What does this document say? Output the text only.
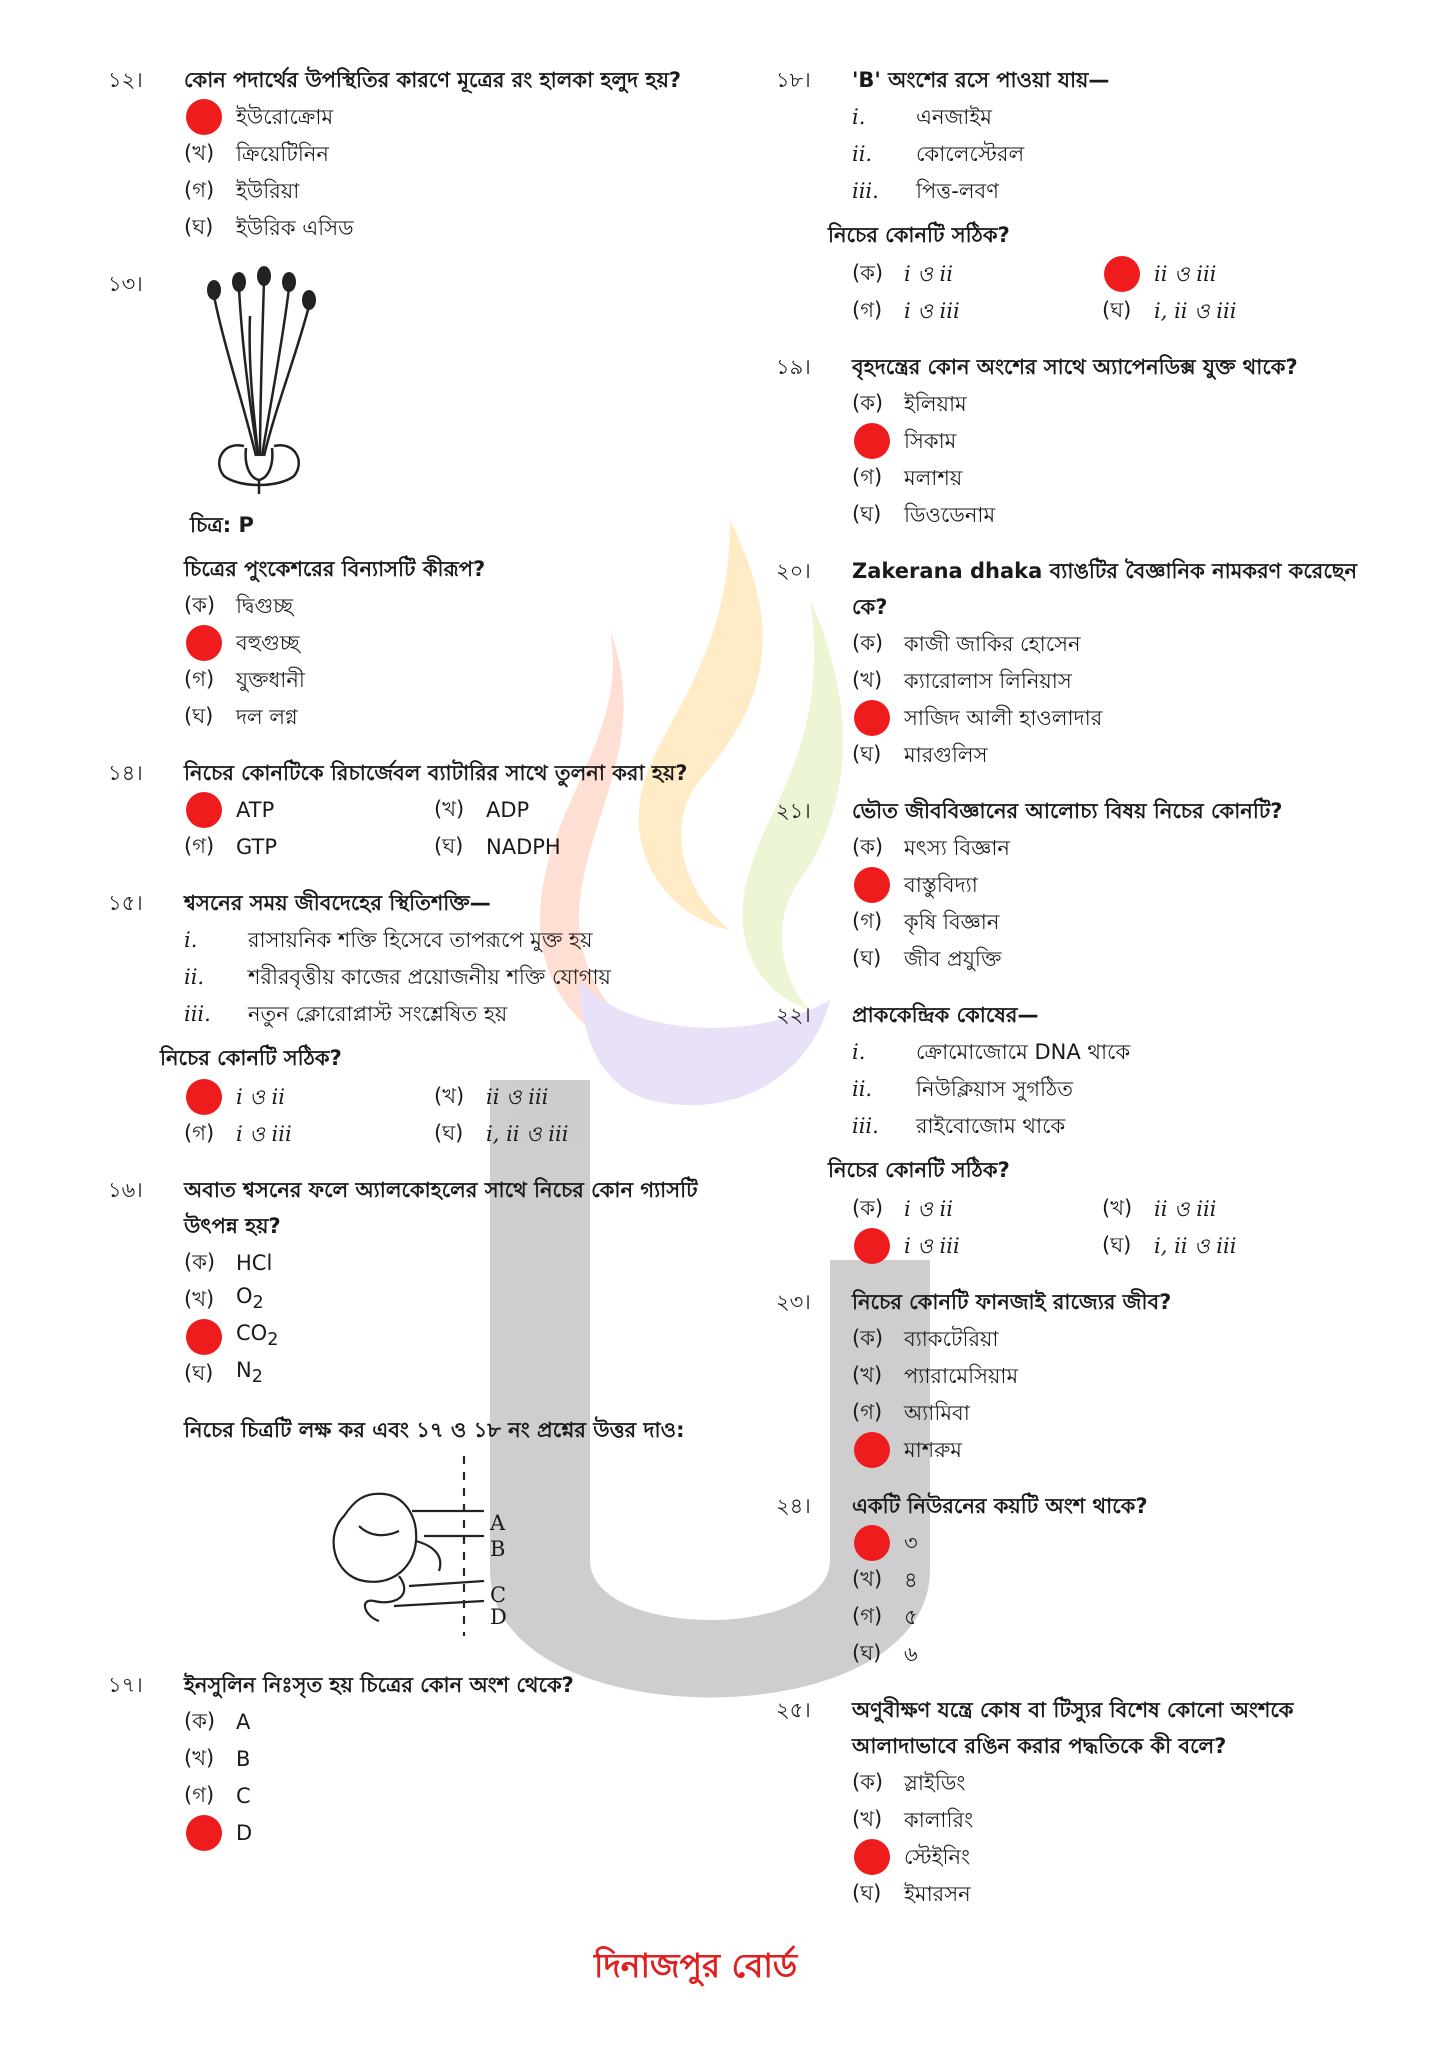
১২।	কোন পদার্থের উপস্থিতির কারণে মূত্রের রং হালকা হলুদ হয়?
ইউরোক্রোম
(খ)	ক্রিয়েটিনিন
(গ)	ইউরিয়া
(ঘ)	ইউরিক এসিড
১৩।
চিত্র: P
চিত্রের পুংকেশরের বিন্যাসটি কীরূপ?
(ক) দ্বিগুচ্ছ
বহুগুচ্ছ
(গ)	যুক্তধানী
(ঘ)	দল লগ্ন
১৪।	নিচের কোনটিকে রিচার্জেবল ব্যাটারির সাথে তুলনা করা হয়?
ATP	(খ)	ADP
(গ)	GTP	(ঘ)	NADPH
১৫।	শ্বসনের সময় জীবদেহের স্থিতিশক্তি—
i.	রাসায়নিক শক্তি হিসেবে তাপরূপে মুক্ত হয়
ii.	শরীরবৃত্তীয় কাজের প্রয়োজনীয় শক্তি যোগায়
iii.	নতুন ক্লোরোপ্লাস্ট সংশ্লেষিত হয়
নিচের কোনটি সঠিক?
i ও ii	(খ)	ii ও iii
(গ)	i ও iii	(ঘ)	i, ii ও iii
১৬।	অবাত শ্বসনের ফলে অ্যালকোহলের সাথে নিচের কোন গ্যাসটি উৎপন্ন হয়?
(ক) HCl
(খ)	$O_2$
$CO_2$
(ঘ)	$N_2$
নিচের চিত্রটি লক্ষ কর এবং ১৭ ও ১৮ নং প্রশ্নের উত্তর দাও:
A
B
C
D
১৭।	ইনসুলিন নিঃসৃত হয় চিত্রের কোন অংশ থেকে?
(ক) A
(খ)	B
(গ)	C
D
১৮।	'B' অংশের রসে পাওয়া যায়—
i.	এনজাইম
ii.	কোলেস্টেরল
iii.	পিত্ত-লবণ
নিচের কোনটি সঠিক?
(ক) i ও ii	ii ও iii
(গ)	i ও iii	(ঘ)	i, ii ও iii
১৯।	বৃহদন্ত্রের কোন অংশের সাথে অ্যাপেনডিক্স যুক্ত থাকে?
(ক) ইলিয়াম
সিকাম
(গ)	মলাশয়
(ঘ)	ডিওডেনাম
২০।	Zakerana dhaka ব্যাঙটির বৈজ্ঞানিক নামকরণ করেছেন কে?
(ক) কাজী জাকির হোসেন
(খ)	ক্যারোলাস লিনিয়াস
সাজিদ আলী হাওলাদার
(ঘ)	মারগুলিস
২১।	ভৌত জীববিজ্ঞানের আলোচ্য বিষয় নিচের কোনটি?
(ক) মৎস্য বিজ্ঞান
বাস্তুবিদ্যা
(গ)	কৃষি বিজ্ঞান
(ঘ)	জীব প্রযুক্তি
২২।	প্রাককেন্দ্রিক কোষের—
i.	ক্রোমোজোমে DNA থাকে
ii.	নিউক্লিয়াস সুগঠিত
iii.	রাইবোজোম থাকে
নিচের কোনটি সঠিক?
(ক) i ও ii	(খ)	ii ও iii
i ও iii	(ঘ)	i, ii ও iii
২৩।	নিচের কোনটি ফানজাই রাজ্যের জীব?
(ক) ব্যাকটেরিয়া
(খ)	প্যারামেসিয়াম
(গ)	অ্যামিবা
মাশরুম
২৪।	একটি নিউরনের কয়টি অংশ থাকে?
৩
(খ)	৪
(গ)	৫
(ঘ)	৬
২৫।	অণুবীক্ষণ যন্ত্রে কোষ বা টিস্যুর বিশেষ কোনো অংশকে আলাদাভাবে রঙিন করার পদ্ধতিকে কী বলে?
(ক) স্লাইডিং
(খ)	কালারিং
স্টেইনিং
(ঘ)	ইমারসন
দিনাজপুর বোর্ড
